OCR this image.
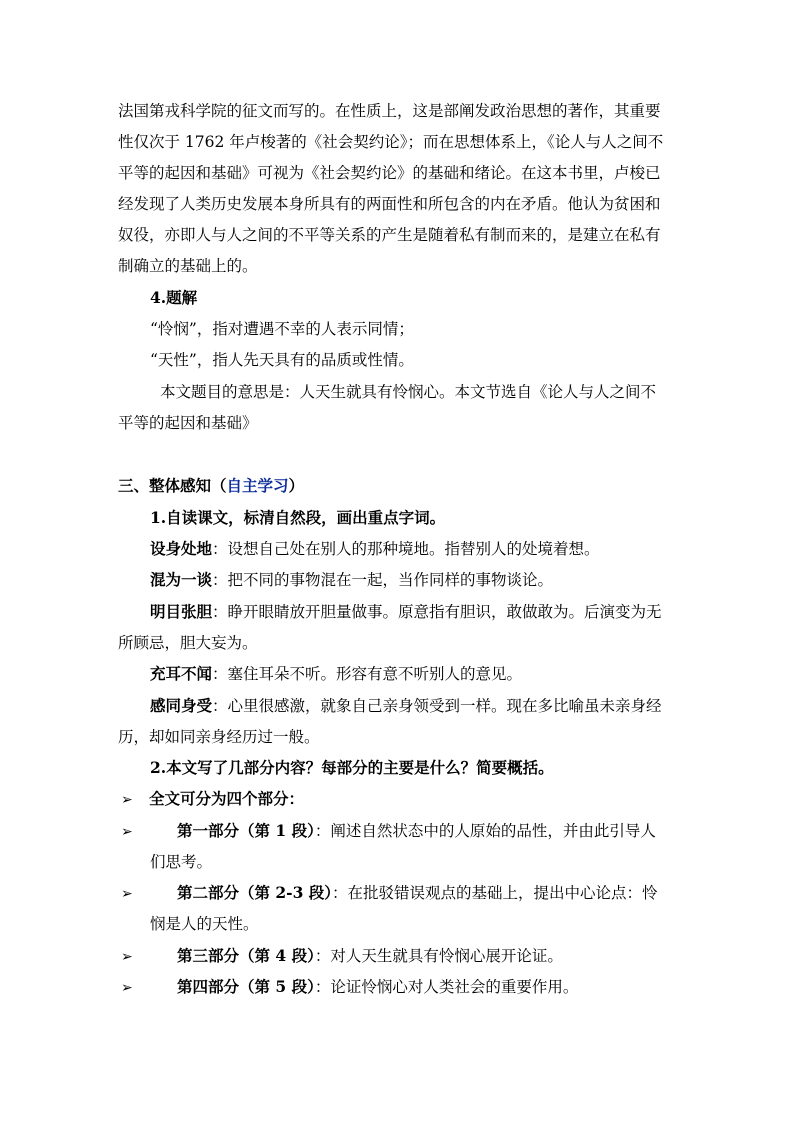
法国第戎科学院的征文而写的。在性质上，这是部阐发政治思想的著作，其重要
性仅次于 1762 年卢梭著的《社会契约论》；而在思想体系上，《论人与人之间不
平等的起因和基础》可视为《社会契约论》的基础和绪论。在这本书里，卢梭已
经发现了人类历史发展本身所具有的两面性和所包含的内在矛盾。他认为贫困和
奴役，亦即人与人之间的不平等关系的产生是随着私有制而来的，是建立在私有
制确立的基础上的。
4.题解
“怜悯”，指对遭遇不幸的人表示同情；
“天性”，指人先天具有的品质或性情。
本文题目的意思是：人天生就具有怜悯心。本文节选自《论人与人之间不
平等的起因和基础》
三、整体感知（自主学习）
1.自读课文，标清自然段，画出重点字词。
设身处地：设想自己处在别人的那种境地。指替别人的处境着想。
混为一谈：把不同的事物混在一起，当作同样的事物谈论。
明目张胆：睁开眼睛放开胆量做事。原意指有胆识，敢做敢为。后演变为无
所顾忌，胆大妄为。
充耳不闻：塞住耳朵不听。形容有意不听别人的意见。
感同身受：心里很感激，就象自己亲身领受到一样。现在多比喻虽未亲身经
历，却如同亲身经历过一般。
2.本文写了几部分内容？每部分的主要是什么？简要概括。
➢ 全文可分为四个部分：
➢	第一部分（第 1 段）：阐述自然状态中的人原始的品性，并由此引导人
们思考。
➢	第二部分（第 2-3 段）：在批驳错误观点的基础上，提出中心论点：怜
悯是人的天性。
➢	第三部分（第 4 段）：对人天生就具有怜悯心展开论证。
➢	第四部分（第 5 段）：论证怜悯心对人类社会的重要作用。
